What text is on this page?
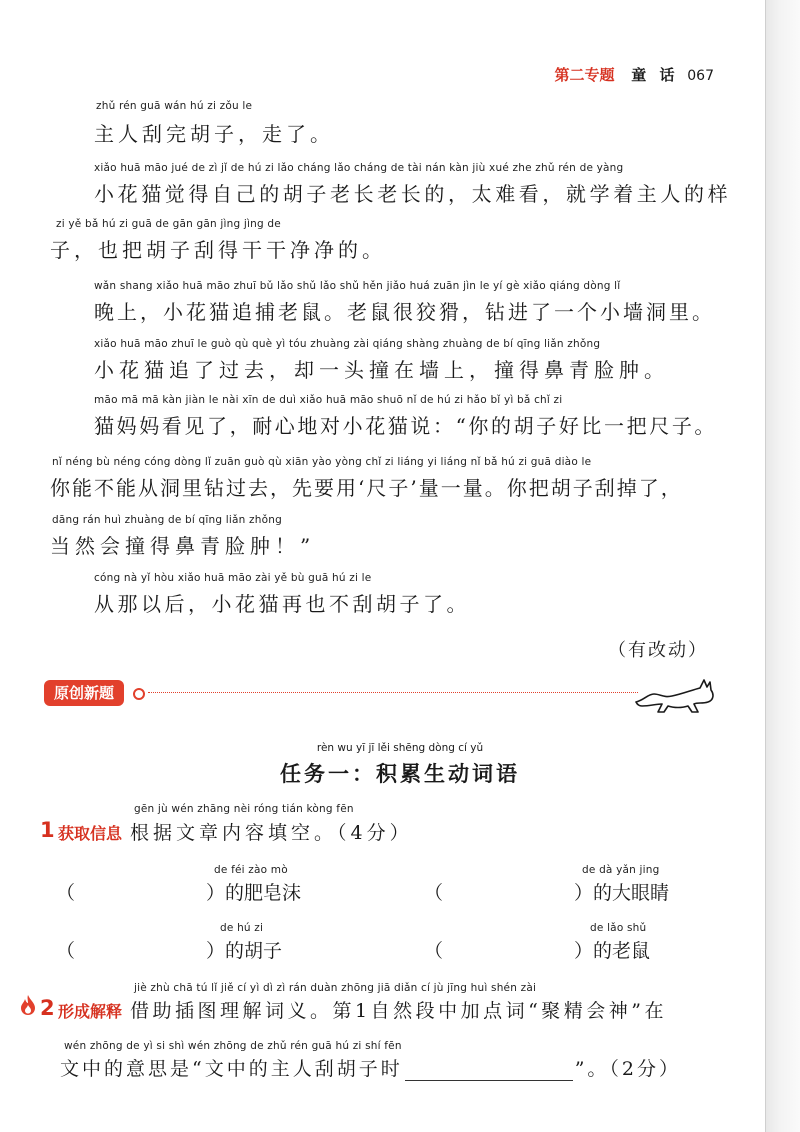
第二专题 童 话 067
zhǔ rén guā wán hú zi zǒu le
主人刮完胡子，走了。
xiǎo huā māo jué de zì jǐ de hú zi lǎo cháng lǎo cháng de tài nán kàn jiù xué zhe zhǔ rén de yàng
小花猫觉得自己的胡子老长老长的，太难看，就学着主人的样
zi yě bǎ hú zi guā de gān gān jìng jìng de
子，也把胡子刮得干干净净的。
wǎn shang xiǎo huā māo zhuī bǔ lǎo shǔ lǎo shǔ hěn jiǎo huá zuān jìn le yí gè xiǎo qiáng dòng lǐ
晚上，小花猫追捕老鼠。老鼠很狡猾，钻进了一个小墙洞里。
xiǎo huā māo zhuī le guò qù què yì tóu zhuàng zài qiáng shàng zhuàng de bí qīng liǎn zhǒng
小花猫追了过去，却一头撞在墙上，撞得鼻青脸肿。
māo mā mā kàn jiàn le nài xīn de duì xiǎo huā māo shuō nǐ de hú zi hǎo bǐ yì bǎ chǐ zi
猫妈妈看见了，耐心地对小花猫说：“你的胡子好比一把尺子。
nǐ néng bù néng cóng dòng lǐ zuān guò qù xiān yào yòng chǐ zi liáng yi liáng nǐ bǎ hú zi guā diào le
你能不能从洞里钻过去，先要用‘尺子’量一量。你把胡子刮掉了，
dāng rán huì zhuàng de bí qīng liǎn zhǒng
当然会撞得鼻青脸肿！”
cóng nà yǐ hòu xiǎo huā māo zài yě bù guā hú zi le
从那以后，小花猫再也不刮胡子了。
（有改动）
原创新题
rèn wu yī jī lěi shēng dòng cí yǔ
任务一：积累生动词语
gēn jù wén zhāng nèi róng tián kòng fēn
1 获取信息 根据文章内容填空。（4分）
de féi zào mò
（	）的肥皂沫
de dà yǎn jing
（	）的大眼睛
de hú zi
（	）的胡子
de lǎo shǔ
（	）的老鼠
jiè zhù chā tú lǐ jiě cí yì dì zì rán duàn zhōng jiā diǎn cí jù jīng huì shén zài
2 形成解释 借助插图理解词义。第1自然段中加点词“聚精会神”在
wén zhōng de yì si shì wén zhōng de zhǔ rén guā hú zi shí fēn
文中的意思是“文中的主人刮胡子时	”。（2分）
